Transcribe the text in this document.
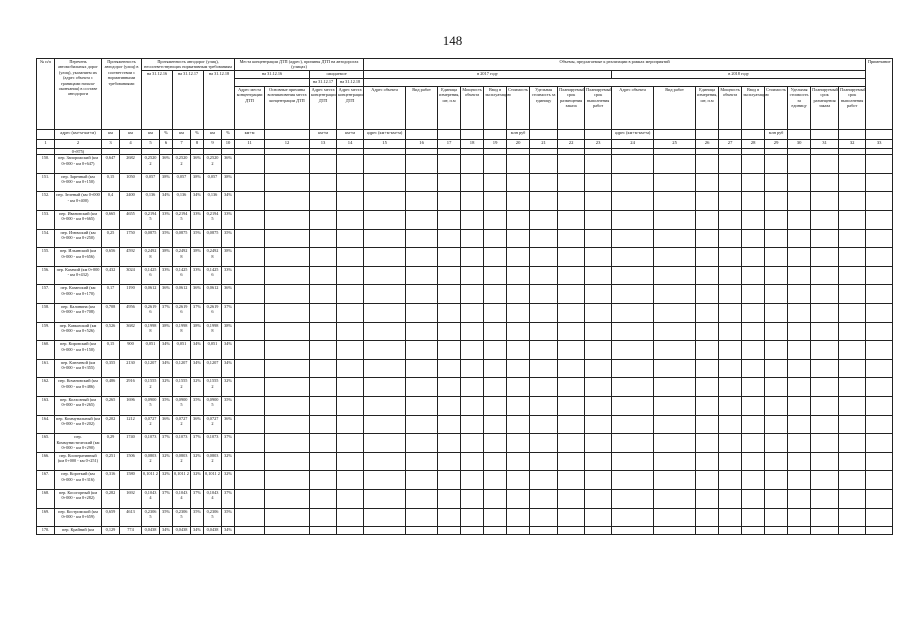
148
№ п/п	Перечень автомобильных дорог (улиц), указанием их (адрес объекта с границами начала-окончания) в составе автодороги	Протяженность автодорог (улиц) в соответствии с нормативными требованиями		Протяженность автодорог (улиц), несоответствующих нормативным требованиям						Места концентрации ДТП (адрес), причины ДТП на автодорогах (улицах)				Объемы, предлагаемые к реализации в рамках мероприятий																		Примечание
				на 31.12.16		на 31.12.17		на 31.12.18		на 31.12.16		ожидаемое		в 2017 году									в 2018 году									
												на 31.12.17	на 31.12.18																			
										Адрес места концентрации ДТП	Основные причины возникновения места концентрации ДТП	Адрес места концентрации ДТП	Адрес места концентрации ДТП	Адрес объекта	Вид работ	Единица измерения, шт, п.м	Мощность объекта	Ввод в эксплуатацию	Стоимость	Удельная стоимость за единицу	Планируемый срок размещения заказа	Планируемый срок выполнения работ	Адрес объекта	Вид работ	Единица измерения, шт, п.м	Мощность объекта	Ввод в эксплуатацию	Стоимость	Удельная стоимость за единицу	Планируемый срок размещения заказа	Планируемый срок выполнения работ	
	адрес (км+м-км+м)	км	км	км	%	км	%	км	%	км+м		км+м	км+м	адрес (км+м-км+м)					млн руб				адрес (км+м-км+м)					млн руб				
1	2	3	4	5	6	7	8	9	10	11	12	13	14	15	16	17	18	19	20	21	22	23	24	25	26	27	28	29	30	31	32	33
	0+875)																															
150.	пер. Запорожский (км 0+000 - км 0+647)	0,647	2682	0,2520 2	36%	0,2520 2	36%	0,2520 2	36%																							
151.	пер. Заречный (км 0+000 - км 0+150)	0,15	1050	0,057	38%	0,057	38%	0,057	38%																							
152.	пер. Зеленый (км 0+000 - км 0+400)	0,4	2400	0,136	34%	0,136	34%	0,136	34%																							
153.	пер. Ивановский (км 0+000 - км 0+665)	0,665	4655	0,2194 5	33%	0,2194 5	33%	0,2194 5	33%																							
154.	пер. Изюмский (км 0+000 - км 0+250)	0,25	1750	0,0875	35%	0,0875	35%	0,0875	35%																							
155.	пер. Ильинский (км 0+000 - км 0+656)	0,656	4592	0,2492 8	38%	0,2492 8	38%	0,2492 8	38%																							
156.	пер. Казачий (км 0+000 - км 0+432)	0,432	3024	0,1425 6	33%	0,1425 6	33%	0,1425 6	33%																							
157.	пер. Казанский (км 0+000 - км 0+170)	0,17	1190	0,0612	36%	0,0612	36%	0,0612	36%																							
158.	пер. Калинина (км 0+000 - км 0+708)	0,708	4956	0,2619 6	37%	0,2619 6	37%	0,2619 6	37%																							
159.	пер. Кавказский (км 0+000 - км 0+526)	0,526	3682	0,1998 8	38%	0,1998 8	38%	0,1998 8	38%																							
160.	пер. Кировский (км 0+000 - км 0+150)	0,15	900	0,051	34%	0,051	34%	0,051	34%																							
161.	пер. Ключевой (км 0+000 - км 0+355)	0,355	2130	0,1207	34%	0,1207	34%	0,1207	34%																							
162.	пер. Кочановский (км 0+000 - км 0+486)	0,486	2916	0,1555 2	32%	0,1555 2	32%	0,1555 2	32%																							
163.	пер. Колхозный (км 0+000 - км 0+265)	0,265	1696	0,0900 5	35%	0,0900 5	35%	0,0900 5	35%																							
164.	пер. Коммунальный (км 0+000 - км 0+202)	0,202	1212	0,0727 2	36%	0,0727 2	36%	0,0727 2	36%																							
165.	пер. Коммунистический (км 0+000 - км 0+290)	0,29	1740	0,1073	37%	0,1073	37%	0,1073	37%																							
166.	пер. Кооперативный (км 0+000 - км 0+251)	0,251	1506	0,0803 2	32%	0,0803 2	32%	0,0803 2	32%																							
167.	пер. Короткий (км 0+000 - км 0+316)	0,316	1580	0,1011 2	32%	0,1011 2	32%	0,1011 2	32%																							
168.	пер. Косогорный (км 0+000 - км 0+282)	0,282	1692	0,1043 4	37%	0,1043 4	37%	0,1043 4	37%																							
169.	пер. Костромской (км 0+000 - км 0+659)	0,659	4613	0,2306 5	35%	0,2306 5	35%	0,2306 5	35%																							
170.	пер. Крайний (км	0,129	774	0,0438	34%	0,0438	34%	0,0438	34%																							
